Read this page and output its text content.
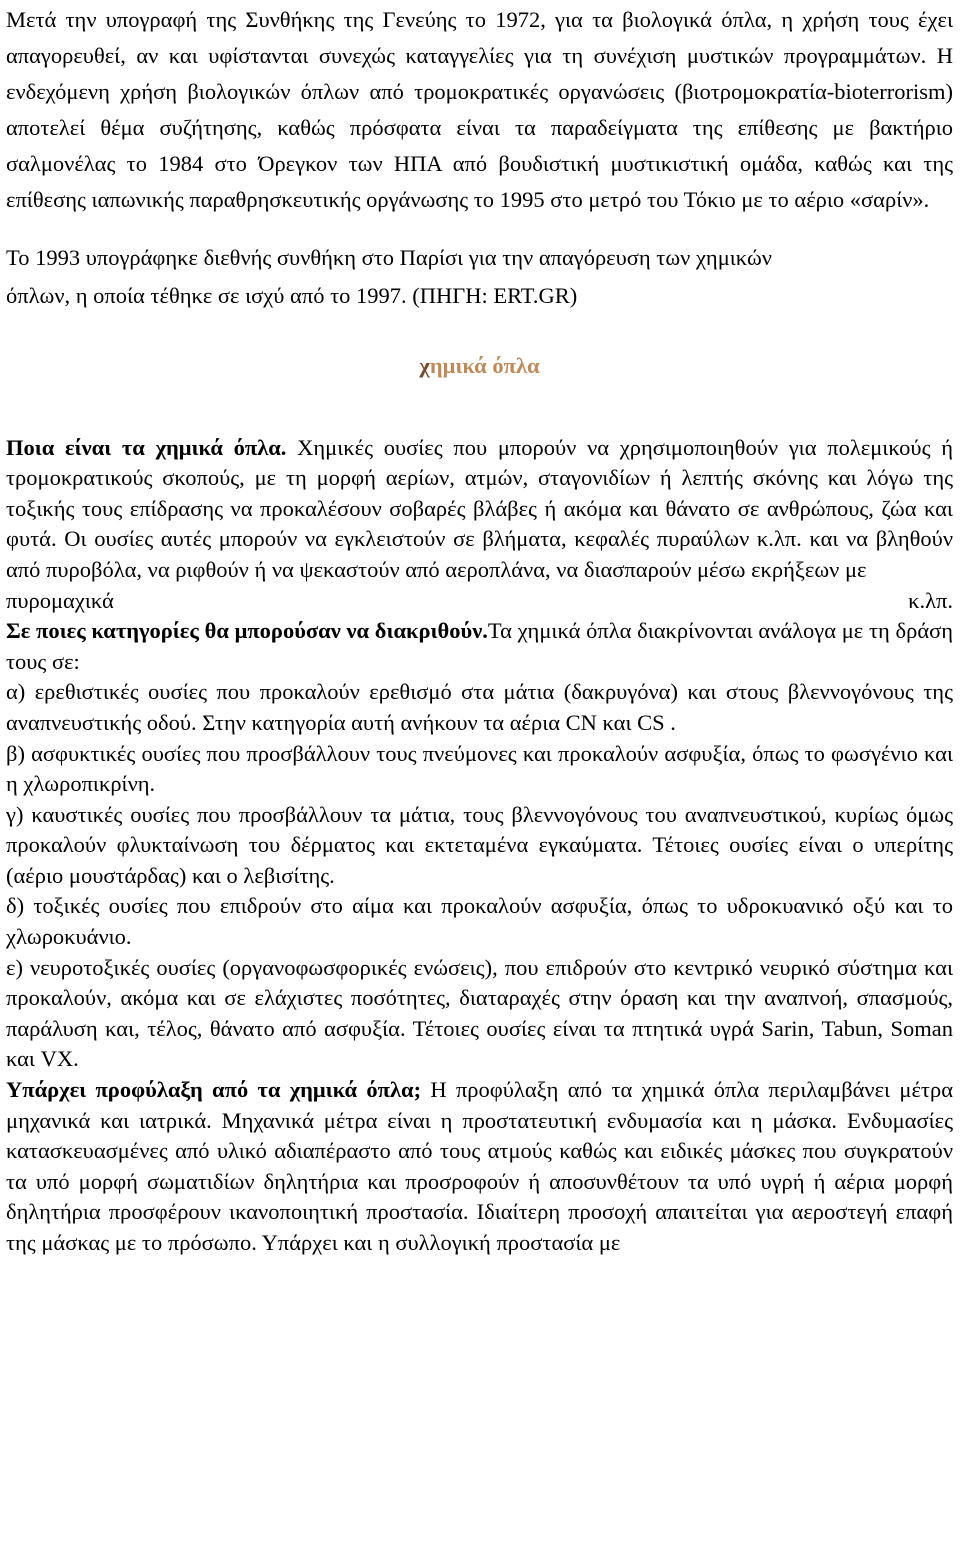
Μετά την υπογραφή της Συνθήκης της Γενεύης το 1972, για τα βιολογικά όπλα, η χρήση τους έχει απαγορευθεί, αν και υφίστανται συνεχώς καταγγελίες για τη συνέχιση μυστικών προγραμμάτων. Η ενδεχόμενη χρήση βιολογικών όπλων από τρομοκρατικές οργανώσεις (βιοτρομοκρατία-bioterrorism) αποτελεί θέμα συζήτησης, καθώς πρόσφατα είναι τα παραδείγματα της επίθεσης με βακτήριο σαλμονέλας το 1984 στο Όρεγκον των ΗΠΑ από βουδιστική μυστικιστική ομάδα, καθώς και της επίθεσης ιαπωνικής παραθρησκευτικής οργάνωσης το 1995 στο μετρό του Τόκιο με το αέριο «σαρίν».

Το 1993 υπογράφηκε διεθνής συνθήκη στο Παρίσι για την απαγόρευση των χημικών
όπλων, η οποία τέθηκε σε ισχύ από το 1997. (ΠΗΓΗ: ERT.GR)

χημικά όπλα

Ποια είναι τα χημικά όπλα. Χημικές ουσίες που μπορούν να χρησιμοποιηθούν για πολεμικούς ή τρομοκρατικούς σκοπούς, με τη μορφή αερίων, ατμών, σταγονιδίων ή λεπτής σκόνης και λόγω της τοξικής τους επίδρασης να προκαλέσουν σοβαρές βλάβες ή ακόμα και θάνατο σε ανθρώπους, ζώα και φυτά. Οι ουσίες αυτές μπορούν να εγκλειστούν σε βλήματα, κεφαλές πυραύλων κ.λπ. και να βληθούν από πυροβόλα, να ριφθούν ή να ψεκαστούν από αεροπλάνα, να διασπαρούν μέσω εκρήξεων με

πυρομαχικά	κ.λπ.

Σε ποιες κατηγορίες θα μπορούσαν να διακριθούν.Τα χημικά όπλα διακρίνονται ανάλογα με τη δράση τους σε:

α) ερεθιστικές ουσίες που προκαλούν ερεθισμό στα μάτια (δακρυγόνα) και στους βλεννογόνους της αναπνευστικής οδού. Στην κατηγορία αυτή ανήκουν τα αέρια CN και CS .

β) ασφυκτικές ουσίες που προσβάλλουν τους πνεύμονες και προκαλούν ασφυξία, όπως το φωσγένιο και η χλωροπικρίνη.

γ) καυστικές ουσίες που προσβάλλουν τα μάτια, τους βλεννογόνους του αναπνευστικού, κυρίως όμως προκαλούν φλυκταίνωση του δέρματος και εκτεταμένα εγκαύματα. Τέτοιες ουσίες είναι ο υπερίτης (αέριο μουστάρδας) και ο λεβισίτης.

δ) τοξικές ουσίες που επιδρούν στο αίμα και προκαλούν ασφυξία, όπως το υδροκυανικό οξύ και το χλωροκυάνιο.

ε) νευροτοξικές ουσίες (οργανοφωσφορικές ενώσεις), που επιδρούν στο κεντρικό νευρικό σύστημα και προκαλούν, ακόμα και σε ελάχιστες ποσότητες, διαταραχές στην όραση και την αναπνοή, σπασμούς, παράλυση και, τέλος, θάνατο από ασφυξία. Τέτοιες ουσίες είναι τα πτητικά υγρά Sarin, Tabun, Soman και VX.

Υπάρχει προφύλαξη από τα χημικά όπλα; Η προφύλαξη από τα χημικά όπλα περιλαμβάνει μέτρα μηχανικά και ιατρικά. Μηχανικά μέτρα είναι η προστατευτική ενδυμασία και η μάσκα. Ενδυμασίες κατασκευασμένες από υλικό αδιαπέραστο από τους ατμούς καθώς και ειδικές μάσκες που συγκρατούν τα υπό μορφή σωματιδίων δηλητήρια και προσροφούν ή αποσυνθέτουν τα υπό υγρή ή αέρια μορφή δηλητήρια προσφέρουν ικανοποιητική προστασία. Ιδιαίτερη προσοχή απαιτείται για αεροστεγή επαφή της μάσκας με το πρόσωπο. Υπάρχει και η συλλογική προστασία με
